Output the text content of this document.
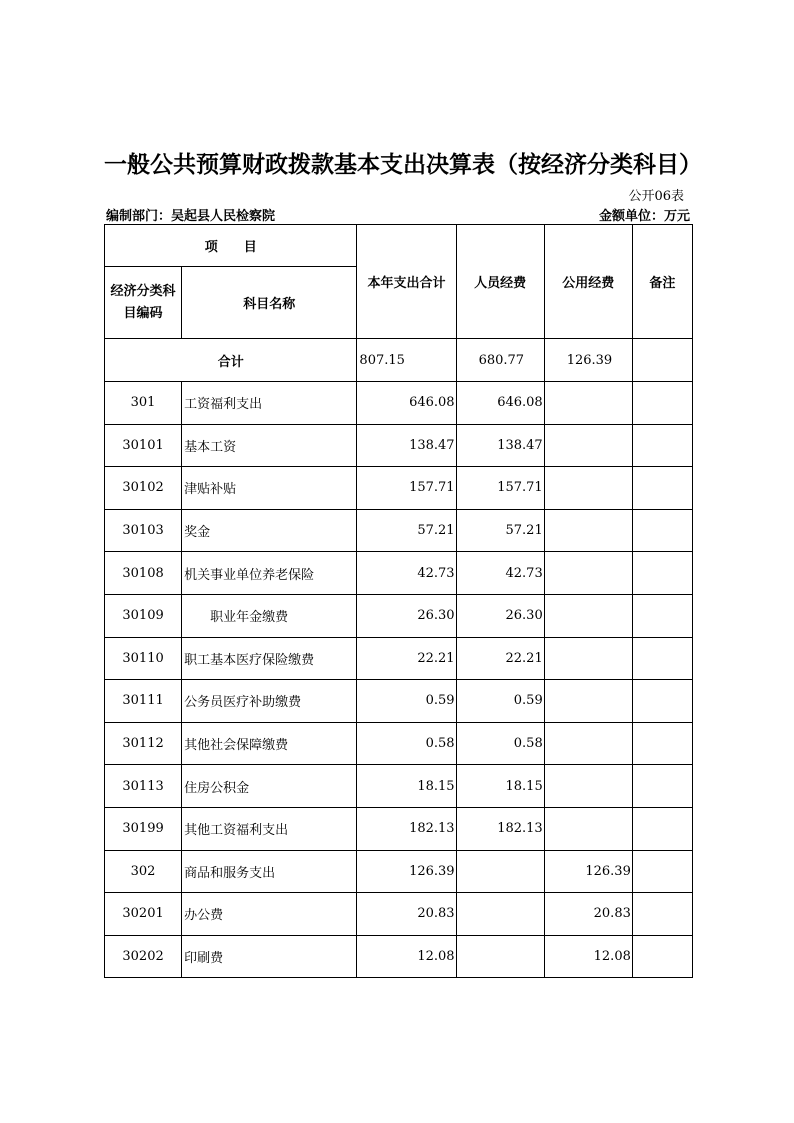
一般公共预算财政拨款基本支出决算表（按经济分类科目）
公开06表
编制部门：吴起县人民检察院	金额单位：万元
项　　目		本年支出合计	人员经费	公用经费	备注
经济分类科目编码	科目名称				
合计		807.15	680.77	126.39	
301	工资福利支出	646.08	646.08		
30101	基本工资	138.47	138.47		
30102	津贴补贴	157.71	157.71		
30103	奖金	57.21	57.21		
30108	机关事业单位养老保险	42.73	42.73		
30109	职业年金缴费	26.30	26.30		
30110	职工基本医疗保险缴费	22.21	22.21		
30111	公务员医疗补助缴费	0.59	0.59		
30112	其他社会保障缴费	0.58	0.58		
30113	住房公积金	18.15	18.15		
30199	其他工资福利支出	182.13	182.13		
302	商品和服务支出	126.39		126.39	
30201	办公费	20.83		20.83	
30202	印刷费	12.08		12.08	
